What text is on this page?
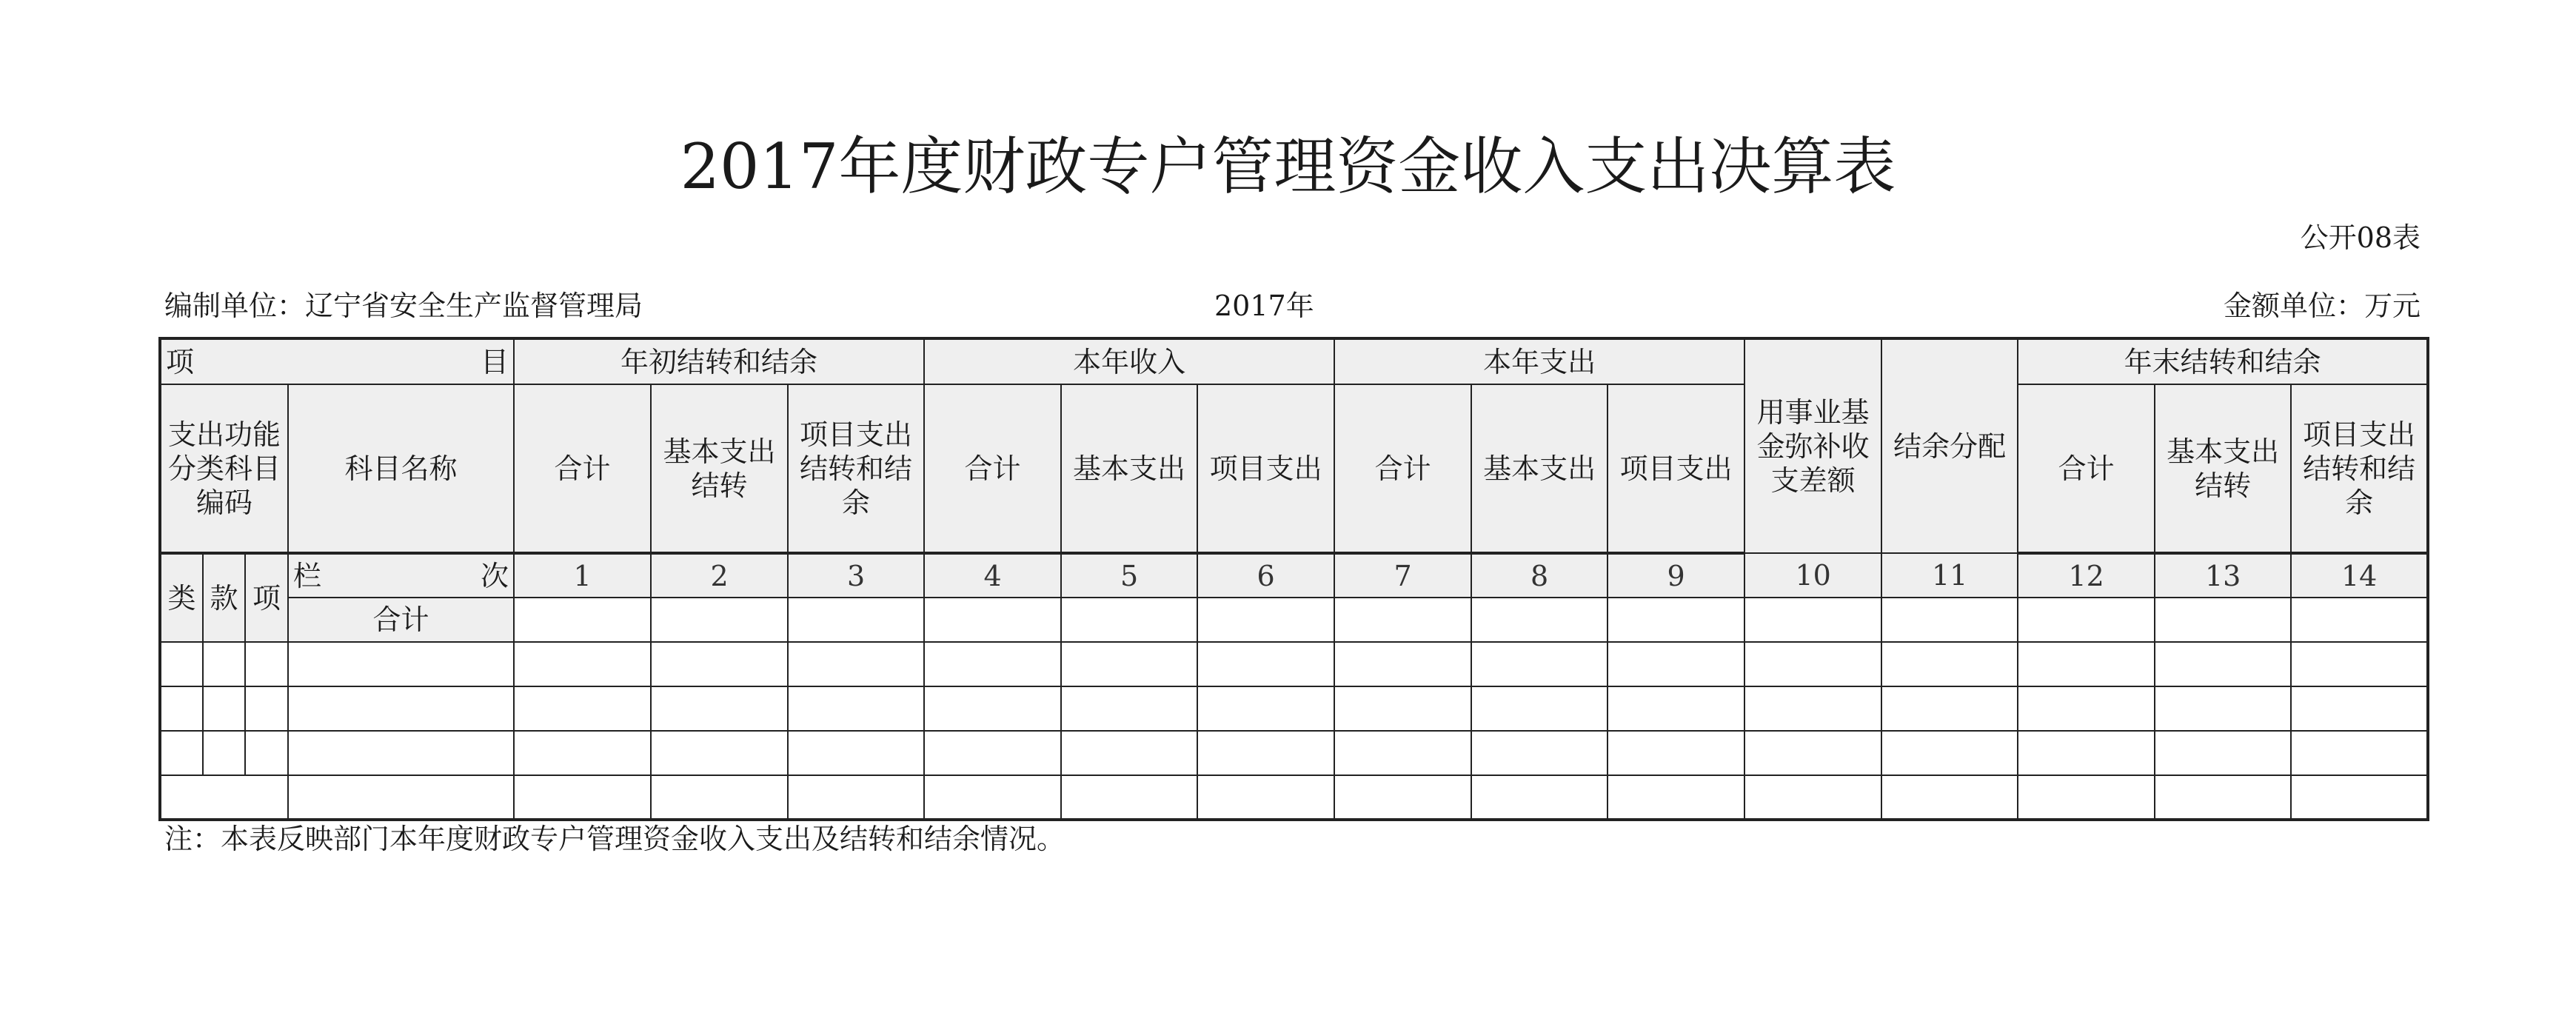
2017年度财政专户管理资金收入支出决算表
公开08表
编制单位：辽宁省安全生产监督管理局	2017年	金额单位：万元
项 目				年初结转和结余			本年收入			本年支出			用事业基金弥补收支差额	结余分配	年末结转和结余		
支出功能分类科目编码			科目名称	合计	基本支出结转	项目支出结转和结余	合计	基本支出	项目支出	合计	基本支出	项目支出			合计	基本支出结转	项目支出结转和结余
类	款	项	栏 次	1	2	3	4	5	6	7	8	9	10	11	12	13	14
			合计														

注：本表反映部门本年度财政专户管理资金收入支出及结转和结余情况。
